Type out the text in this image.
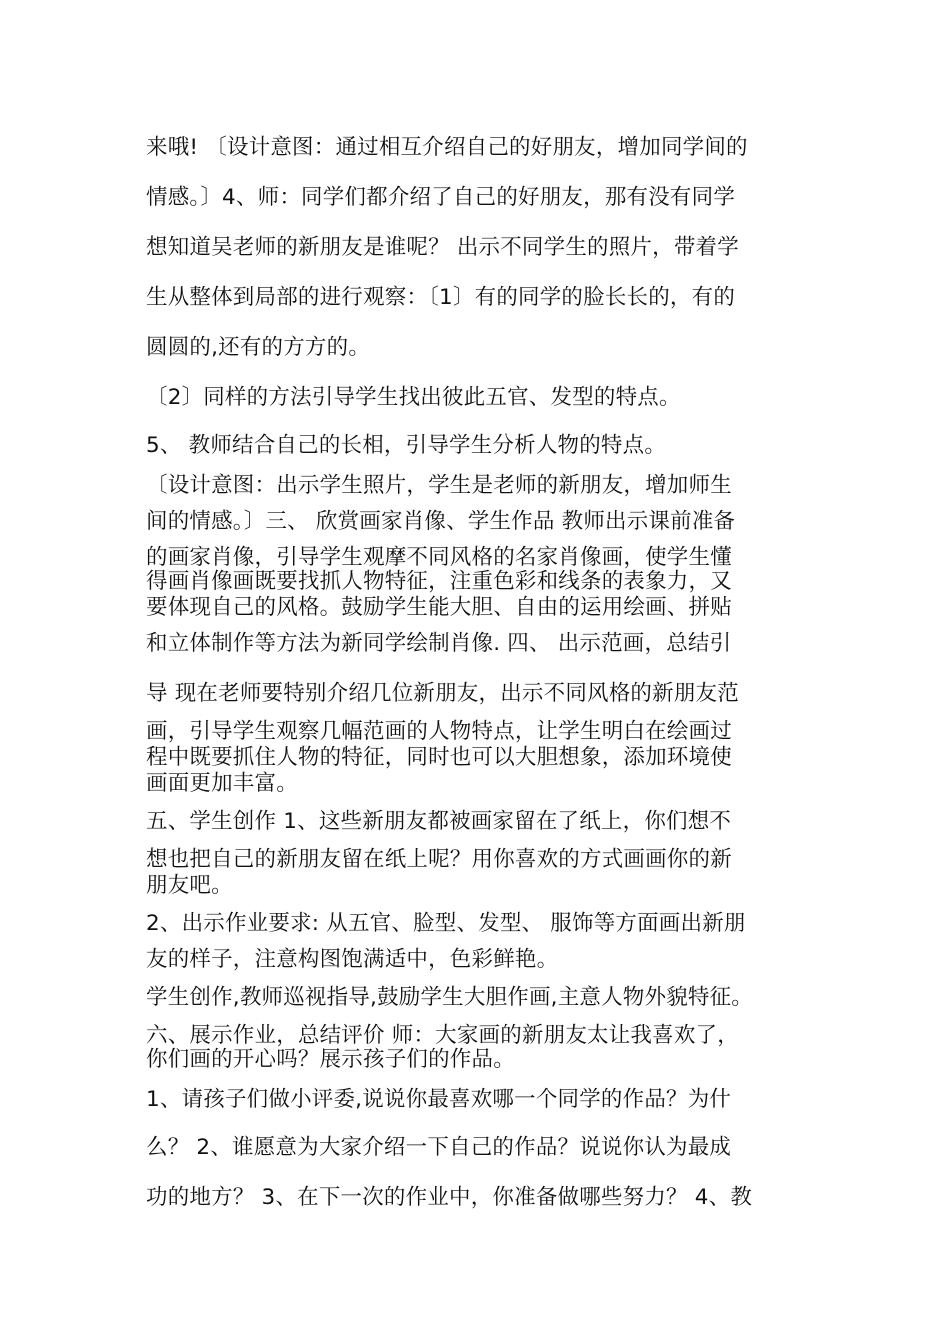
来哦! 〔设计意图：通过相互介绍自己的好朋友，增加同学间的
情感。〕4、师：同学们都介绍了自己的好朋友，那有没有同学
想知道吴老师的新朋友是谁呢？ 出示不同学生的照片，带着学
生从整体到局部的进行观察：〔1〕有的同学的脸长长的，有的
圆圆的,还有的方方的。
〔2〕同样的方法引导学生找出彼此五官、发型的特点。
5、 教师结合自己的长相，引导学生分析人物的特点。
〔设计意图：出示学生照片，学生是老师的新朋友，增加师生
间的情感。〕三、 欣赏画家肖像、学生作品 教师出示课前准备
的画家肖像，引导学生观摩不同风格的名家肖像画，使学生懂
得画肖像画既要找抓人物特征，注重色彩和线条的表象力，又
要体现自己的风格。鼓励学生能大胆、自由的运用绘画、拼贴
和立体制作等方法为新同学绘制肖像. 四、 出示范画，总结引
导 现在老师要特别介绍几位新朋友，出示不同风格的新朋友范
画，引导学生观察几幅范画的人物特点，让学生明白在绘画过
程中既要抓住人物的特征，同时也可以大胆想象，添加环境使
画面更加丰富。
五、学生创作 1、这些新朋友都被画家留在了纸上，你们想不
想也把自己的新朋友留在纸上呢？用你喜欢的方式画画你的新
朋友吧。
2、出示作业要求: 从五官、脸型、发型、 服饰等方面画出新朋
友的样子，注意构图饱满适中，色彩鲜艳。
学生创作,教师巡视指导,鼓励学生大胆作画,主意人物外貌特征。
六、展示作业，总结评价 师：大家画的新朋友太让我喜欢了，
你们画的开心吗？展示孩子们的作品。
1、请孩子们做小评委,说说你最喜欢哪一个同学的作品？为什
么？ 2、谁愿意为大家介绍一下自己的作品？说说你认为最成
功的地方？ 3、在下一次的作业中，你准备做哪些努力？ 4、教
